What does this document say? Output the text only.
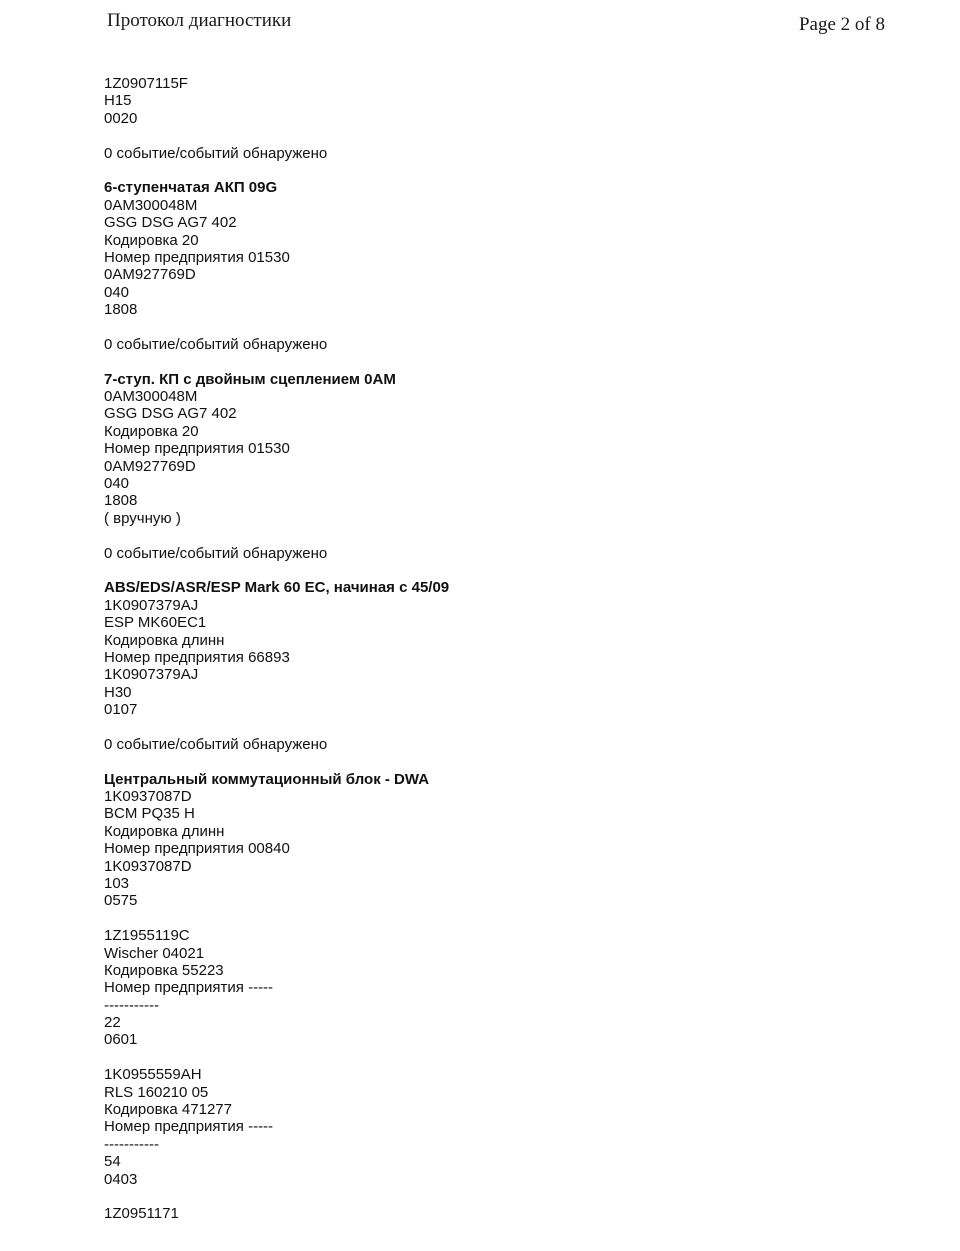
Протокол диагностики	Page 2 of 8
1Z0907115F
H15
0020
0 событие/событий обнаружено
6-ступенчатая АКП 09G
0AM300048M
GSG DSG AG7 402
Кодировка 20
Номер предприятия 01530
0AM927769D
040
1808
0 событие/событий обнаружено
7-ступ. КП с двойным сцеплением 0AM
0AM300048M
GSG DSG AG7 402
Кодировка 20
Номер предприятия 01530
0AM927769D
040
1808
( вручную )
0 событие/событий обнаружено
ABS/EDS/ASR/ESP Mark 60 EC, начиная с 45/09
1K0907379AJ
ESP MK60EC1
Кодировка длинн
Номер предприятия 66893
1K0907379AJ
H30
0107
0 событие/событий обнаружено
Центральный коммутационный блок - DWA
1K0937087D
BCM PQ35 H
Кодировка длинн
Номер предприятия 00840
1K0937087D
103
0575
1Z1955119C
Wischer 04021
Кодировка 55223
Номер предприятия -----
-----------
22
0601
1K0955559AH
RLS 160210 05
Кодировка 471277
Номер предприятия -----
-----------
54
0403
1Z0951171
